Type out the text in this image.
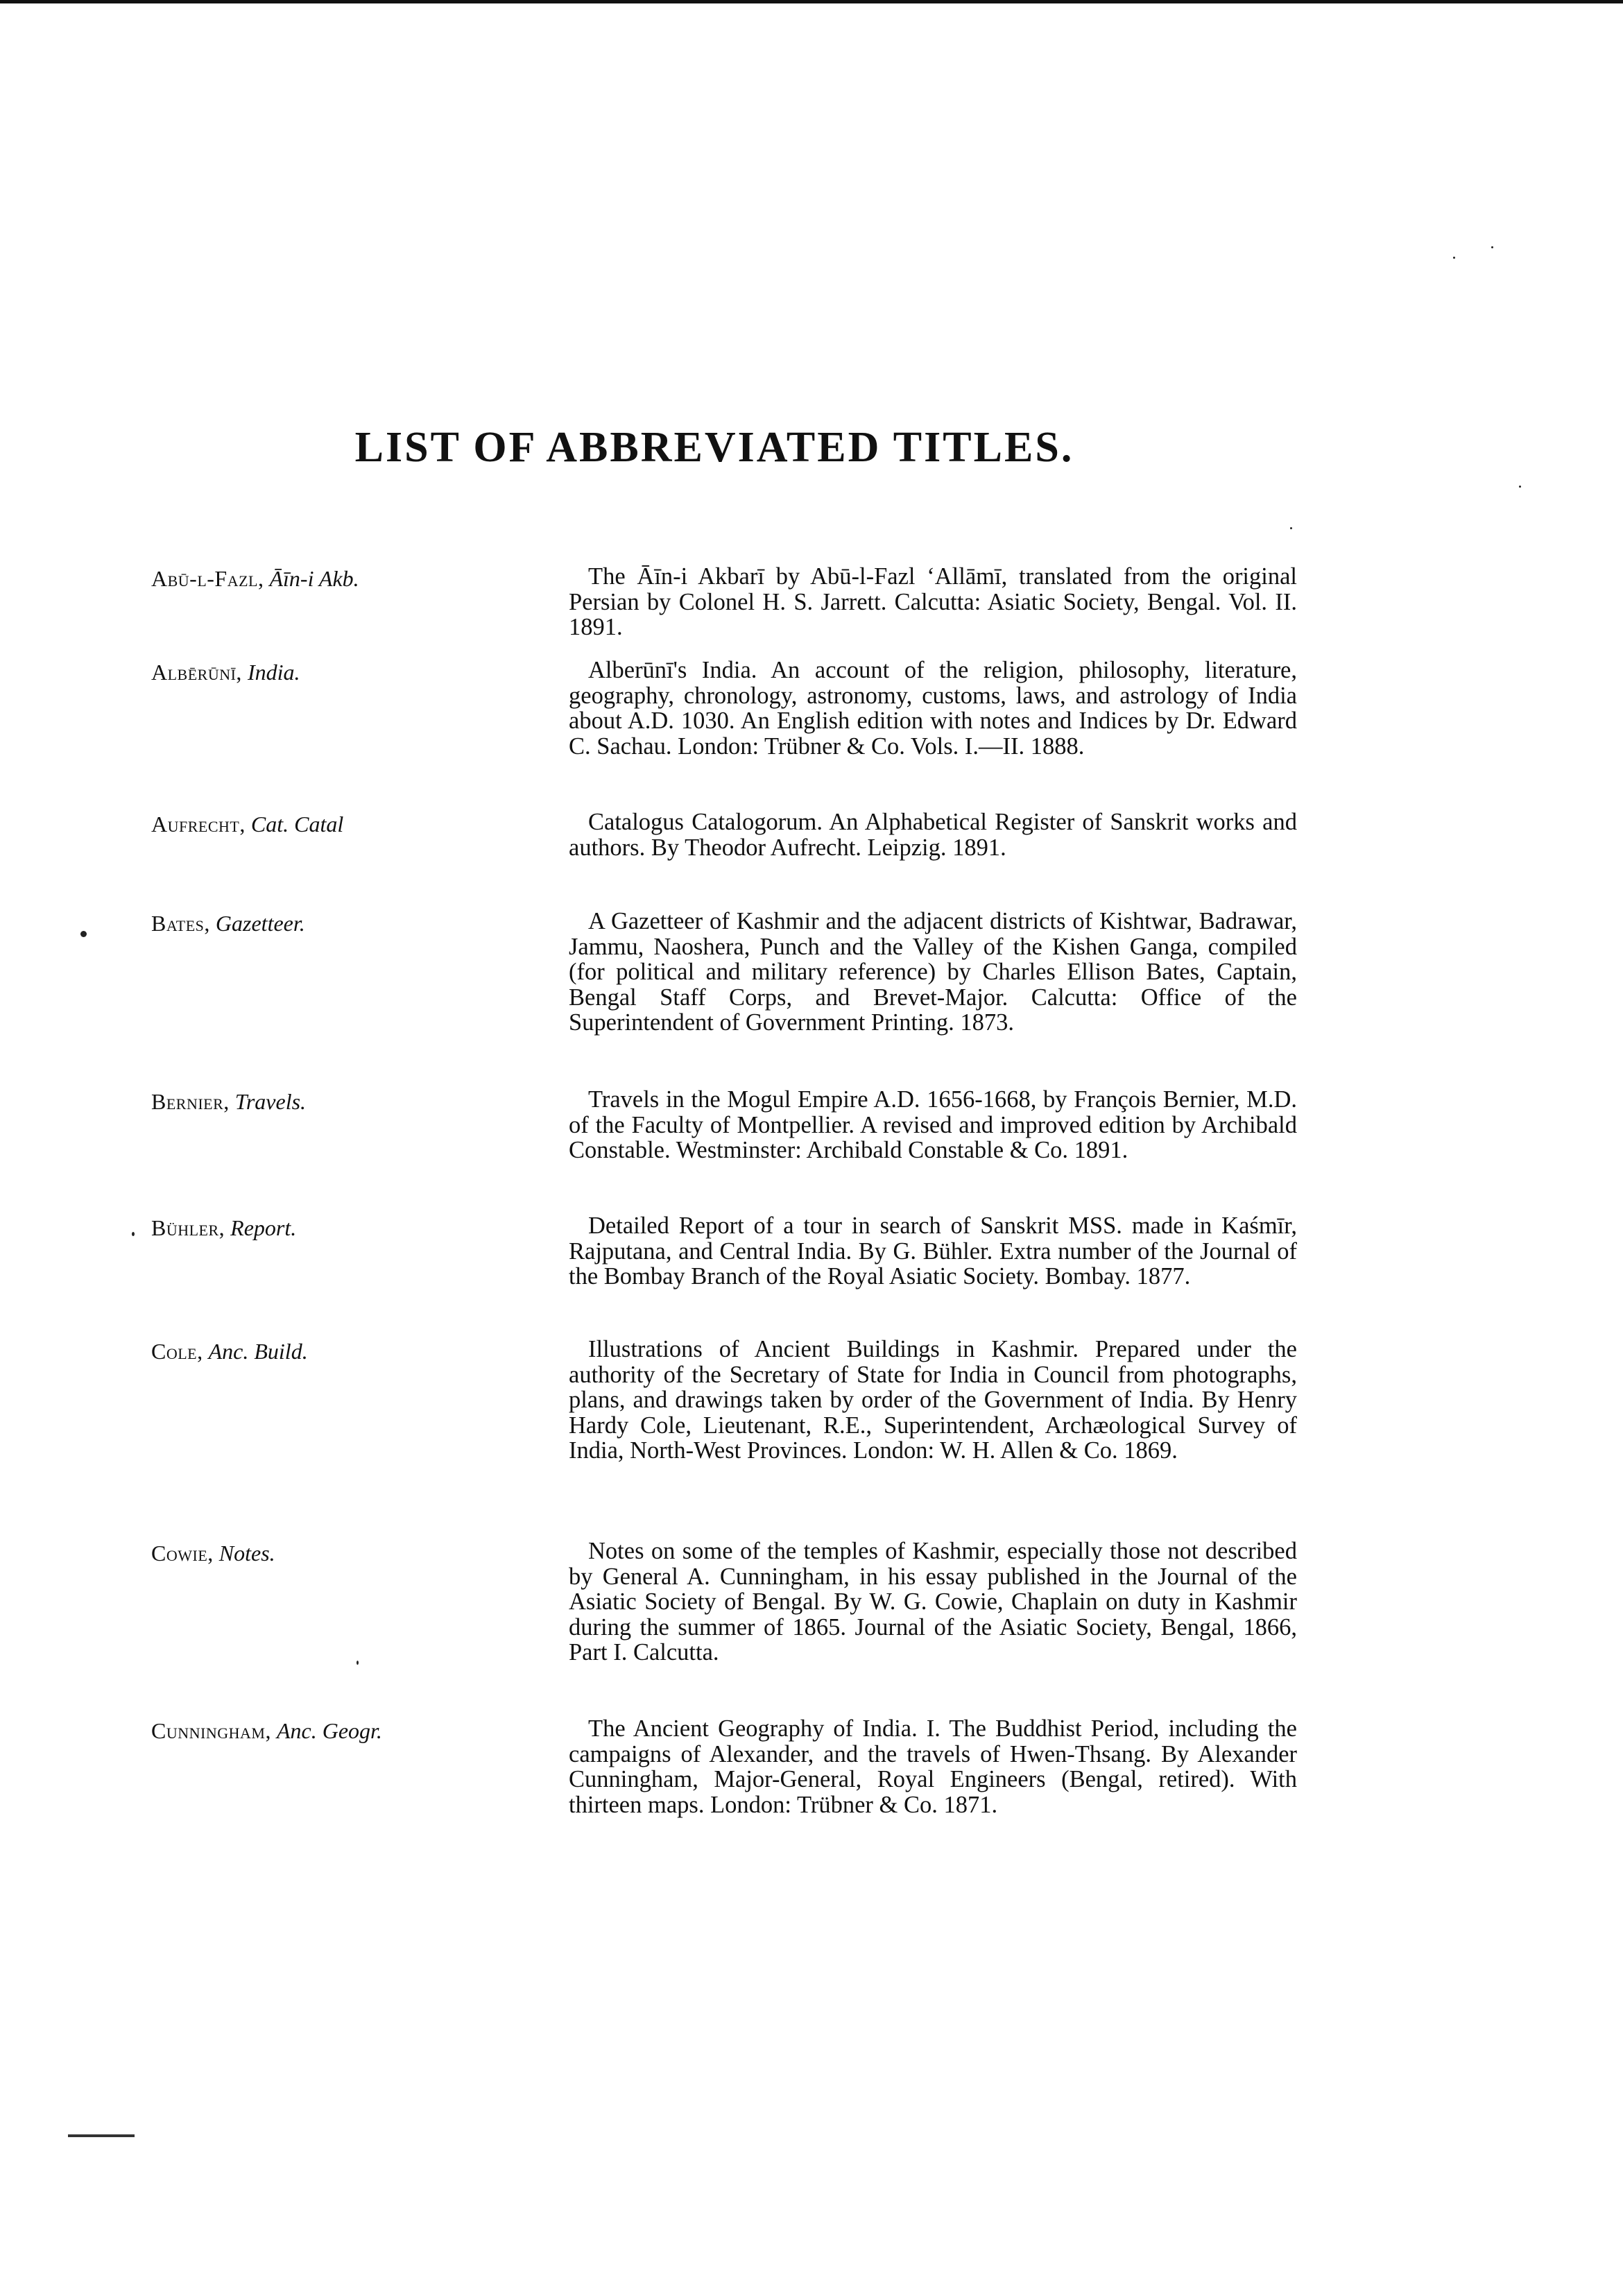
LIST OF ABBREVIATED TITLES.
Abū-l-Fazl, Āīn-i Akb.	The Āīn-i Akbarī by Abū-l-Fazl ‘Allāmī, translated from the original Persian by Colonel H. S. Jarrett. Calcutta: Asiatic Society, Bengal. Vol. II. 1891.

Albērūnī, India.	Alberūnī's India. An account of the religion, philosophy, literature, geography, chronology, astronomy, customs, laws, and astrology of India about A.D. 1030. An English edition with notes and Indices by Dr. Edward C. Sachau. London: Trübner & Co. Vols. I.—II. 1888.

Aufrecht, Cat. Catal	Catalogus Catalogorum. An Alphabetical Register of Sanskrit works and authors. By Theodor Aufrecht. Leipzig. 1891.

Bates, Gazetteer.	A Gazetteer of Kashmir and the adjacent districts of Kishtwar, Badrawar, Jammu, Naoshera, Punch and the Valley of the Kishen Ganga, compiled (for political and military reference) by Charles Ellison Bates, Captain, Bengal Staff Corps, and Brevet-Major. Calcutta: Office of the Superintendent of Government Printing. 1873.

Bernier, Travels.	Travels in the Mogul Empire A.D. 1656-1668, by François Bernier, M.D. of the Faculty of Montpellier. A revised and improved edition by Archibald Constable. Westminster: Archibald Constable & Co. 1891.

Bühler, Report.	Detailed Report of a tour in search of Sanskrit MSS. made in Kaśmīr, Rajputana, and Central India. By G. Bühler. Extra number of the Journal of the Bombay Branch of the Royal Asiatic Society. Bombay. 1877.

Cole, Anc. Build.	Illustrations of Ancient Buildings in Kashmir. Prepared under the authority of the Secretary of State for India in Council from photographs, plans, and drawings taken by order of the Government of India. By Henry Hardy Cole, Lieutenant, R.E., Superintendent, Archæological Survey of India, North-West Provinces. London: W. H. Allen & Co. 1869.

Cowie, Notes.	Notes on some of the temples of Kashmir, especially those not described by General A. Cunningham, in his essay published in the Journal of the Asiatic Society of Bengal. By W. G. Cowie, Chaplain on duty in Kashmir during the summer of 1865. Journal of the Asiatic Society, Bengal, 1866, Part I. Calcutta.

Cunningham, Anc. Geogr.	The Ancient Geography of India. I. The Buddhist Period, including the campaigns of Alexander, and the travels of Hwen-Thsang. By Alexander Cunningham, Major-General, Royal Engineers (Bengal, retired). With thirteen maps. London: Trübner & Co. 1871.
